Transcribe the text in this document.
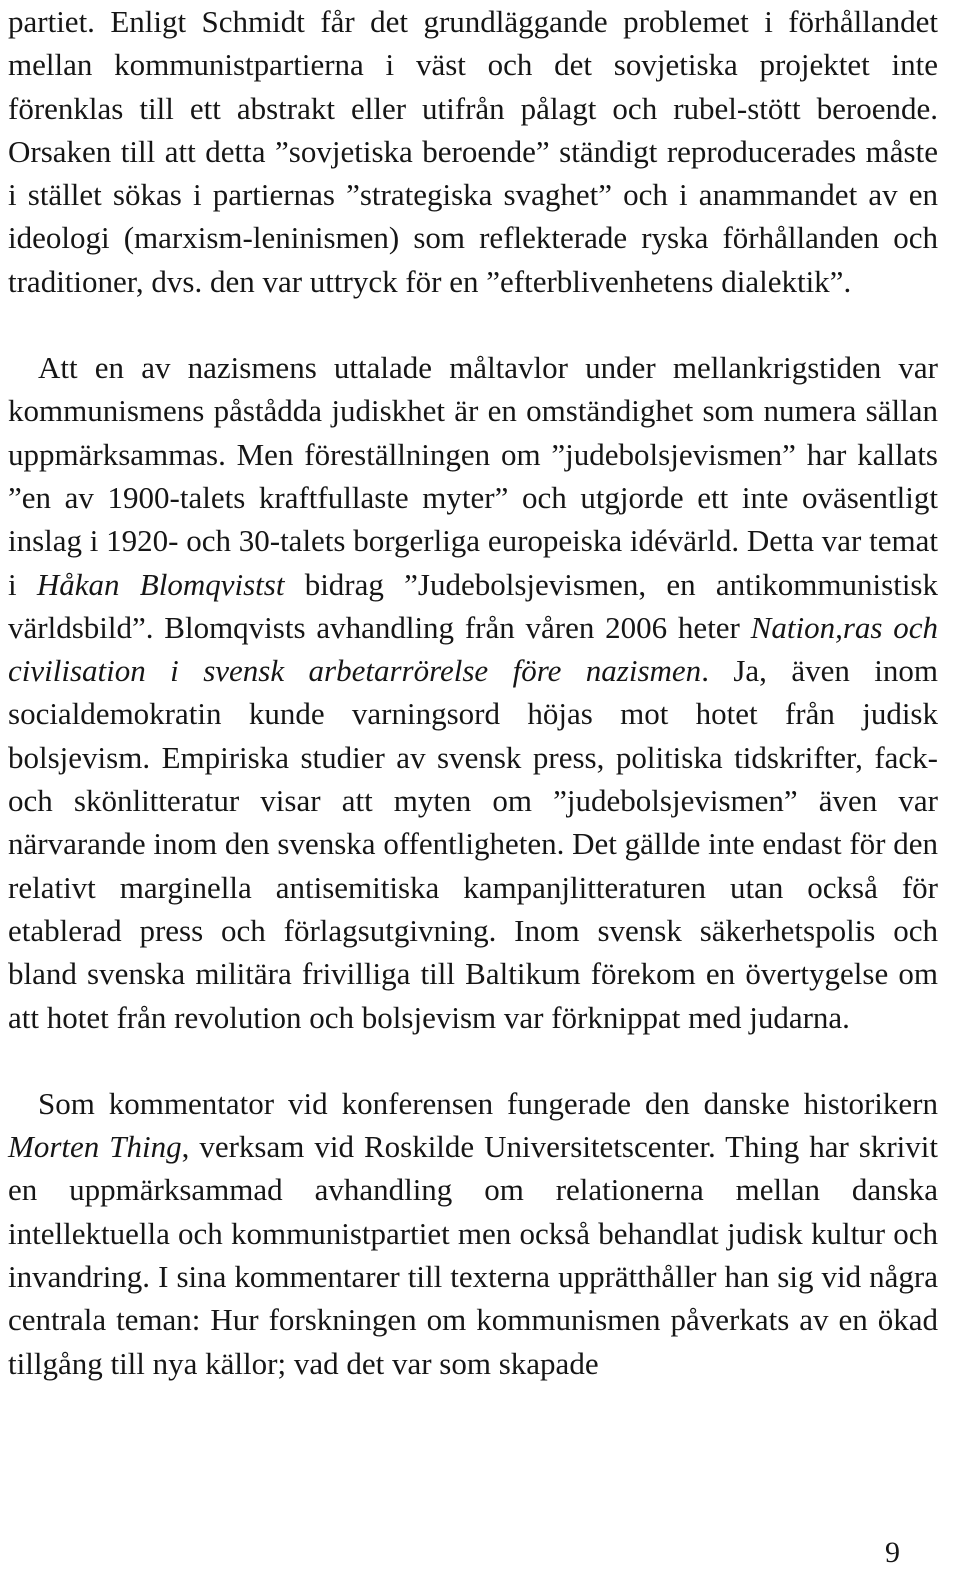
partiet. Enligt Schmidt får det grundläggande problemet i förhållandet mellan kommunistpartierna i väst och det sovjetiska projektet inte förenklas till ett abstrakt eller utifrån pålagt och rubel-stött beroende. Orsaken till att detta ”sovjetiska beroende” ständigt reproducerades måste i stället sökas i partiernas ”strategiska svaghet” och i anammandet av en ideologi (marxism-leninismen) som reflekterade ryska förhållanden och traditioner, dvs. den var uttryck för en ”efterblivenhetens dialektik”.

Att en av nazismens uttalade måltavlor under mellankrigstiden var kommunismens påstådda judiskhet är en omständighet som numera sällan uppmärksammas. Men föreställningen om ”judebolsjevismen” har kallats ”en av 1900-talets kraftfullaste myter” och utgjorde ett inte oväsentligt inslag i 1920- och 30-talets borgerliga europeiska idévärld. Detta var temat i Håkan Blomqvistst bidrag ”Judebolsjevismen, en antikommunistisk världsbild”. Blomqvists avhandling från våren 2006 heter Nation,ras och civilisation i svensk arbetarrörelse före nazismen. Ja, även inom socialdemokratin kunde varningsord höjas mot hotet från judisk bolsjevism. Empiriska studier av svensk press, politiska tidskrifter, fack- och skönlitteratur visar att myten om ”judebolsjevismen” även var närvarande inom den svenska offentligheten. Det gällde inte endast för den relativt marginella antisemitiska kampanjlitteraturen utan också för etablerad press och förlagsutgivning. Inom svensk säkerhetspolis och bland svenska militära frivilliga till Baltikum förekom en övertygelse om att hotet från revolution och bolsjevism var förknippat med judarna.

Som kommentator vid konferensen fungerade den danske historikern Morten Thing, verksam vid Roskilde Universitetscenter. Thing har skrivit en uppmärksammad avhandling om relationerna mellan danska intellektuella och kommunistpartiet men också behandlat judisk kultur och invandring. I sina kommentarer till texterna upprätthåller han sig vid några centrala teman: Hur forskningen om kommunismen påverkats av en ökad tillgång till nya källor; vad det var som skapade

9
